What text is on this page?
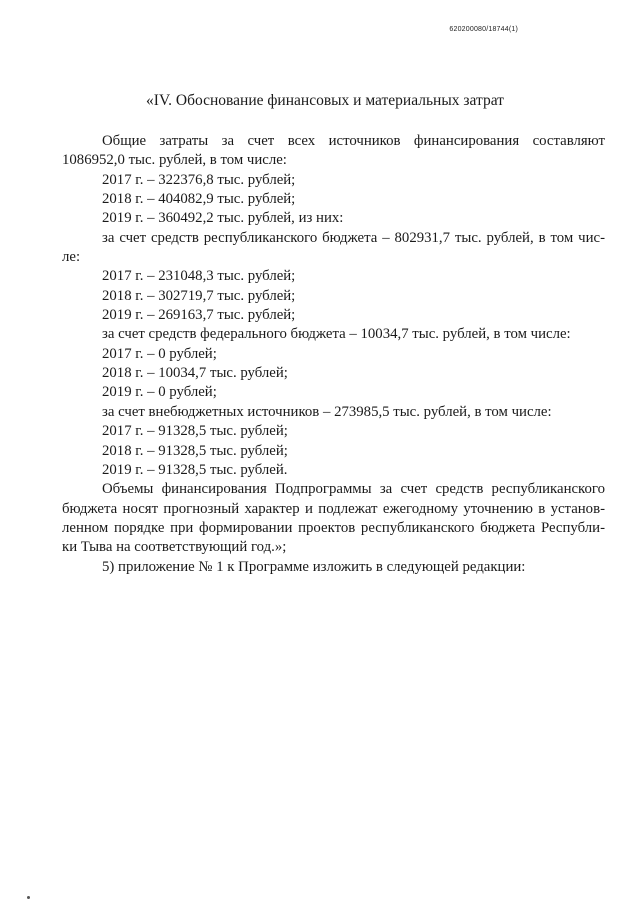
620200080/18744(1)
«IV. Обоснование финансовых и материальных затрат

Общие затраты за счет всех источников финансирования составляют

1086952,0 тыс. рублей, в том числе:

2017 г. – 322376,8 тыс. рублей;

2018 г. – 404082,9 тыс. рублей;

2019 г. – 360492,2 тыс. рублей, из них:

за счет средств республиканского бюджета – 802931,7 тыс. рублей, в том чис-

ле:

2017 г. – 231048,3 тыс. рублей;

2018 г. – 302719,7 тыс. рублей;

2019 г. – 269163,7 тыс. рублей;

за счет средств федерального бюджета – 10034,7 тыс. рублей, в том числе:

2017 г. – 0 рублей;

2018 г. – 10034,7 тыс. рублей;

2019 г. – 0 рублей;

за счет внебюджетных источников – 273985,5 тыс. рублей, в том числе:

2017 г. – 91328,5 тыс. рублей;

2018 г. – 91328,5 тыс. рублей;

2019 г. – 91328,5 тыс. рублей.

Объемы финансирования Подпрограммы за счет средств республиканского

бюджета носят прогнозный характер и подлежат ежегодному уточнению в установ-

ленном порядке при формировании проектов республиканского бюджета Республи-

ки Тыва на соответствующий год.»;

5) приложение № 1 к Программе изложить в следующей редакции:
